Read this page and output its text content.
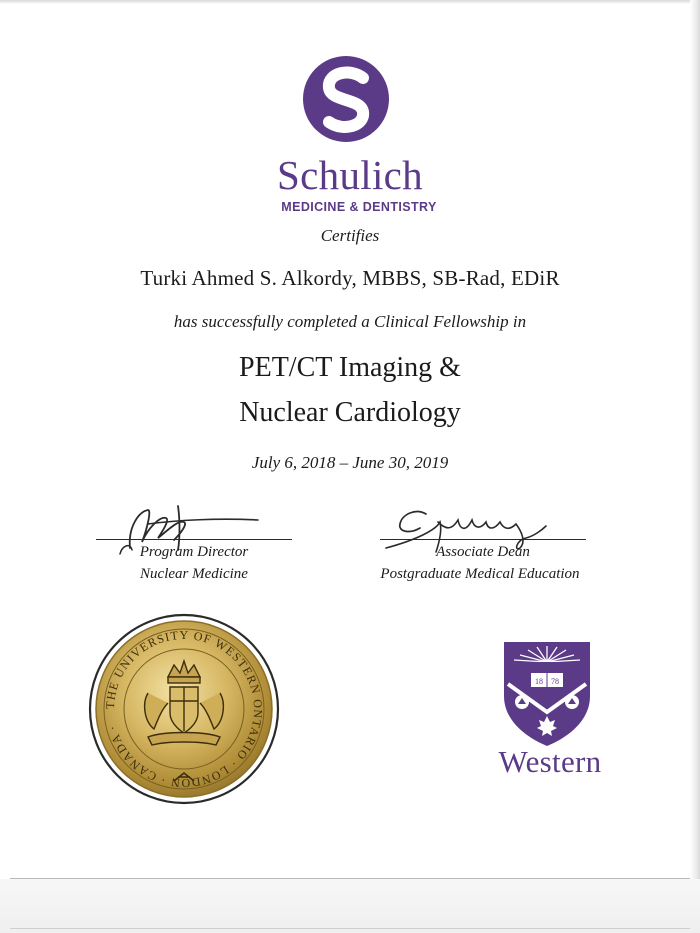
Schulich
MEDICINE & DENTISTRY
Certifies
Turki Ahmed S. Alkordy, MBBS, SB-Rad, EDiR
has successfully completed a Clinical Fellowship in
PET/CT Imaging &
Nuclear Cardiology
July 6, 2018 – June 30, 2019
Program Director
Nuclear Medicine
Associate Dean
Postgraduate Medical Education
THE UNIVERSITY OF WESTERN ONTARIO · LONDON · CANADA ·
18 78
Western
